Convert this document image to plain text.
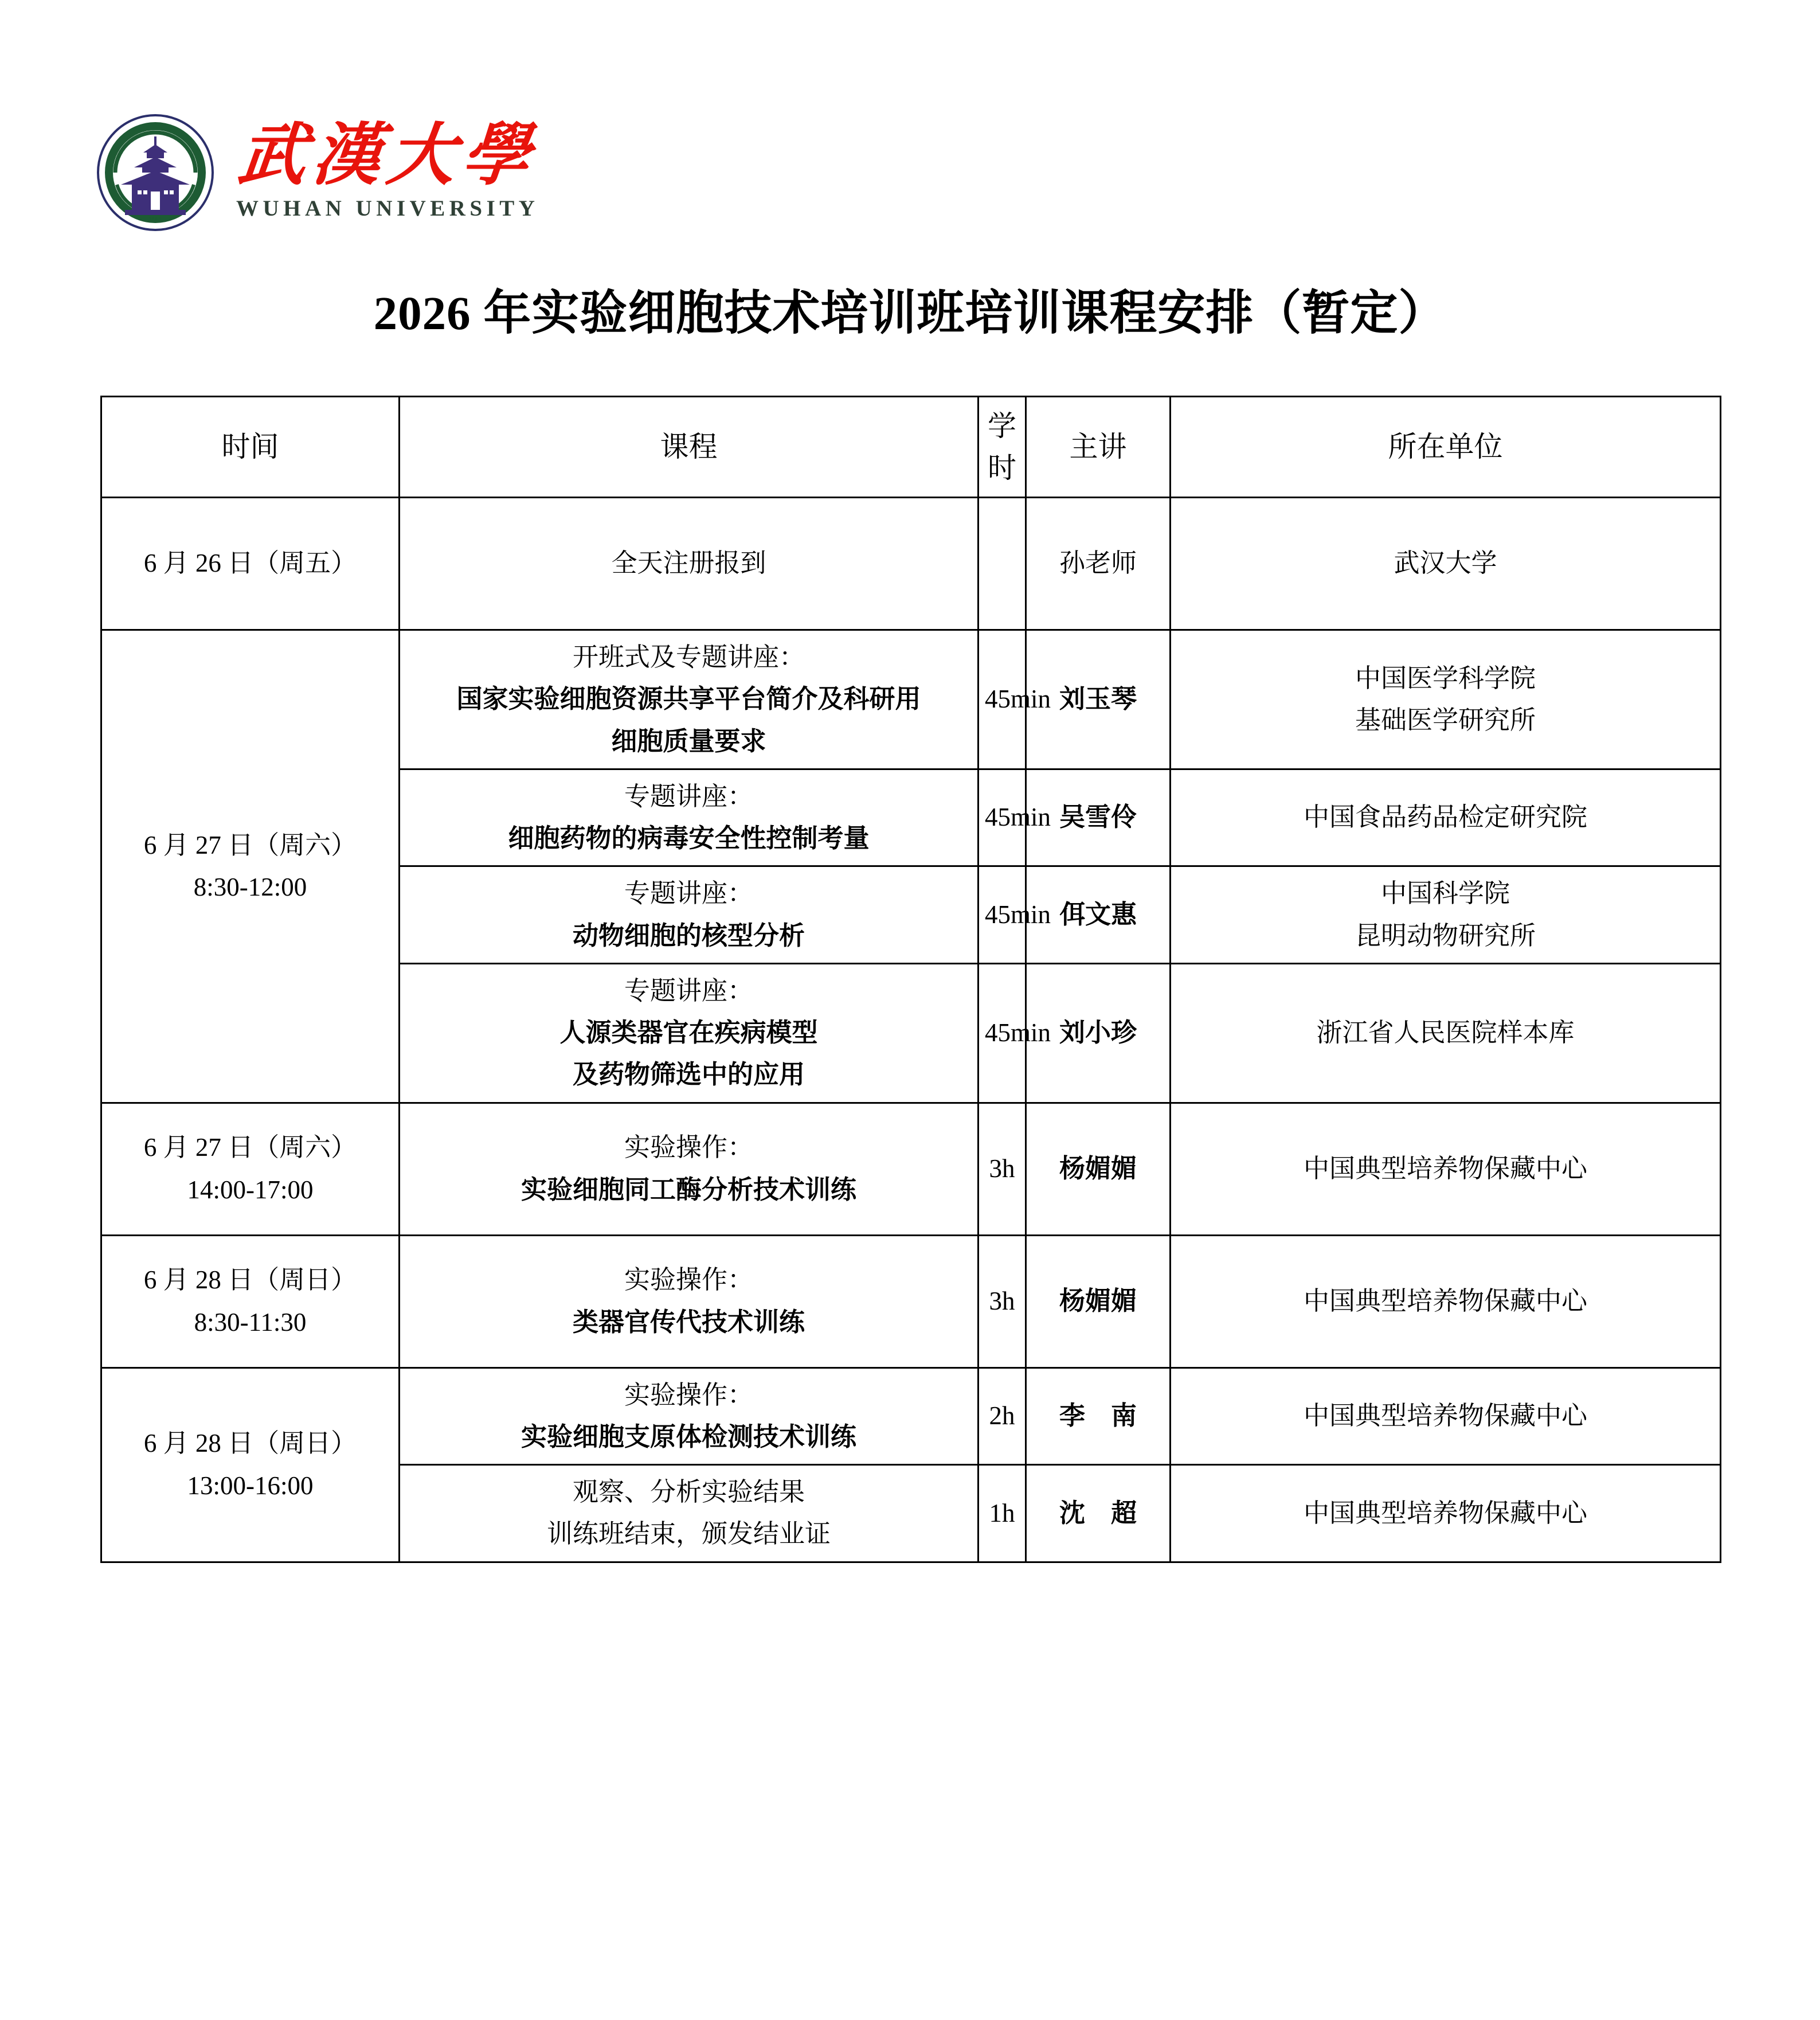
1893
武漢大學
WUHAN UNIVERSITY
2026 年实验细胞技术培训班培训课程安排（暂定）
时间	课程	学时	主讲	所在单位

6 月 26 日（周五）	全天注册报到		孙老师	武汉大学

6 月 27 日（周六）
8:30-12:00	开班式及专题讲座：
国家实验细胞资源共享平台简介及科研用
细胞质量要求	45min	刘玉琴	中国医学科学院
基础医学研究所

	专题讲座：
细胞药物的病毒安全性控制考量	45min	吴雪伶	中国食品药品检定研究院

	专题讲座：
动物细胞的核型分析	45min	佴文惠	中国科学院
昆明动物研究所

	专题讲座：
人源类器官在疾病模型
及药物筛选中的应用	45min	刘小珍	浙江省人民医院样本库

6 月 27 日（周六）
14:00-17:00	实验操作：
实验细胞同工酶分析技术训练	3h	杨媚媚	中国典型培养物保藏中心

6 月 28 日（周日）
8:30-11:30	实验操作：
类器官传代技术训练	3h	杨媚媚	中国典型培养物保藏中心

6 月 28 日（周日）
13:00-16:00	实验操作：
实验细胞支原体检测技术训练	2h	李　南	中国典型培养物保藏中心

	观察、分析实验结果
训练班结束，颁发结业证	1h	沈　超	中国典型培养物保藏中心
